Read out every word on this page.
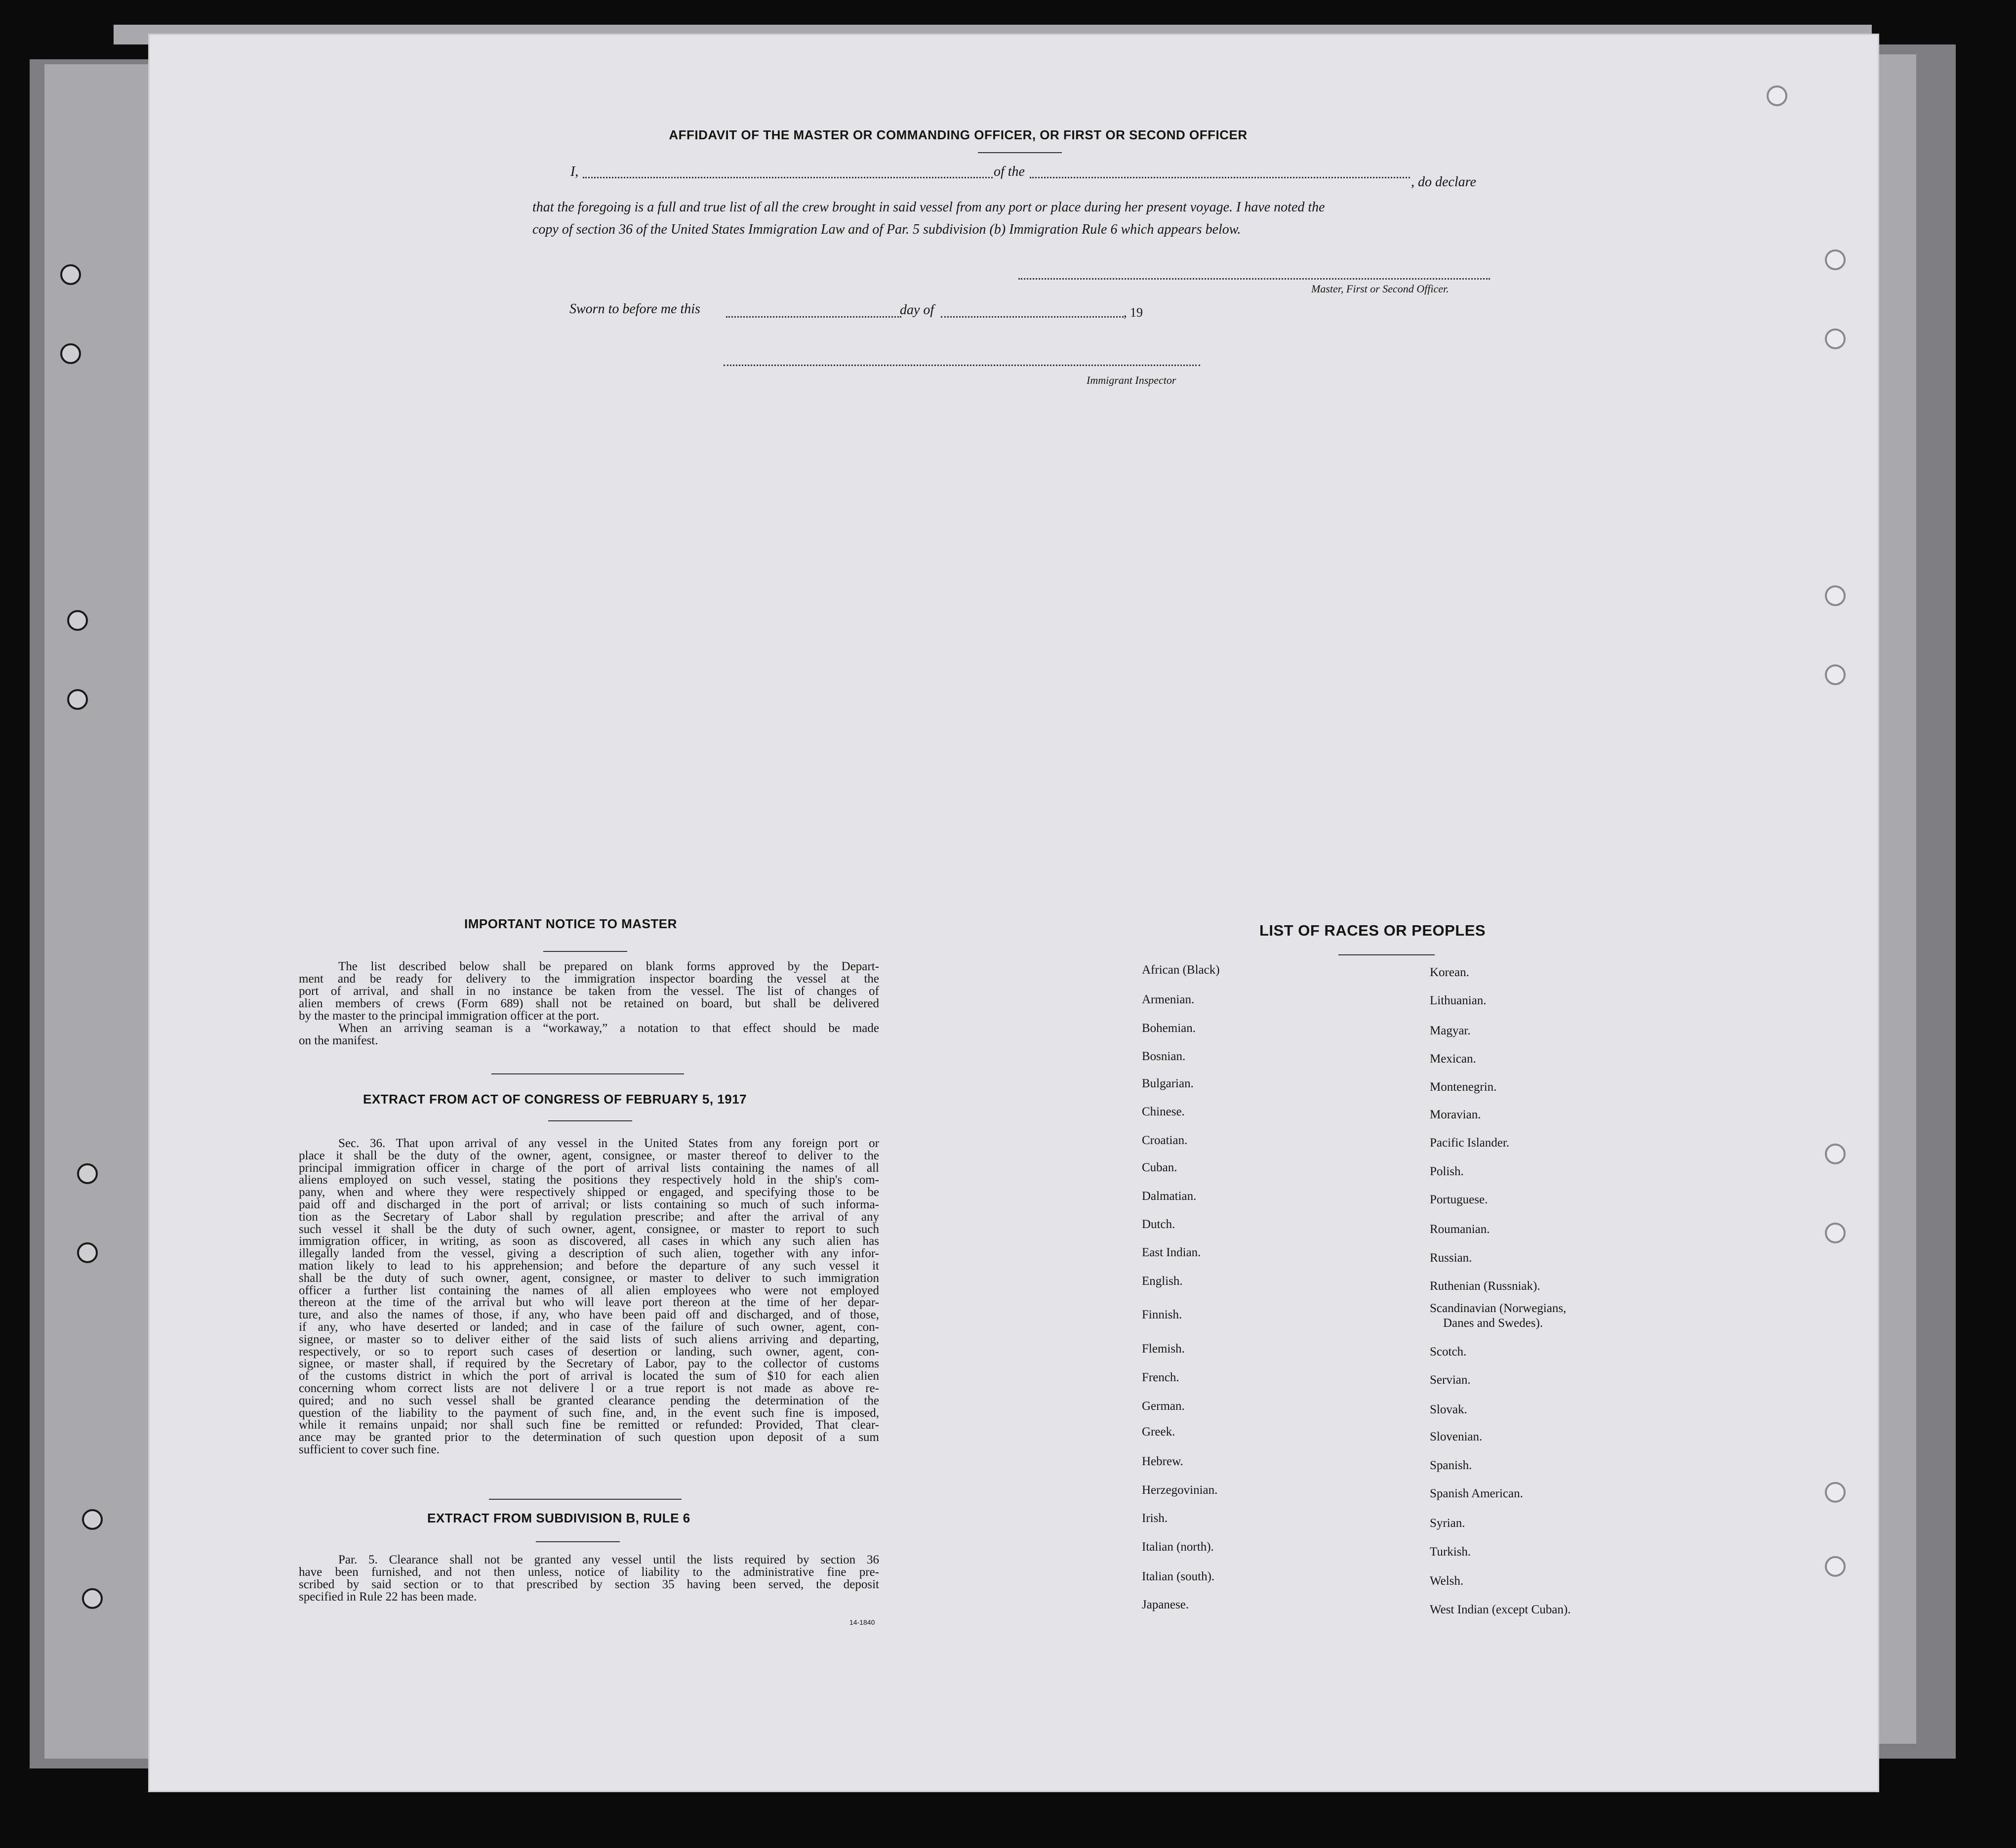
AFFIDAVIT OF THE MASTER OR COMMANDING OFFICER, OR FIRST OR SECOND OFFICER
I,	of the
, do declare
that the foregoing is a full and true list of all the crew brought in said vessel from any port or place during her present voyage. I have noted the
copy of section 36 of the United States Immigration Law and of Par. 5 subdivision (b) Immigration Rule 6 which appears below.
Master, First or Second Officer.
Sworn to before me this	day of	, 19
Immigrant Inspector
IMPORTANT NOTICE TO MASTER
The list described below shall be prepared on blank forms approved by the Depart-
ment and be ready for delivery to the immigration inspector boarding the vessel at the
port of arrival, and shall in no instance be taken from the vessel. The list of changes of
alien members of crews (Form 689) shall not be retained on board, but shall be delivered
by the master to the principal immigration officer at the port.
When an arriving seaman is a “workaway,” a notation to that effect should be made
on the manifest.
EXTRACT FROM ACT OF CONGRESS OF FEBRUARY 5, 1917
Sec. 36. That upon arrival of any vessel in the United States from any foreign port or
place it shall be the duty of the owner, agent, consignee, or master thereof to deliver to the
principal immigration officer in charge of the port of arrival lists containing the names of all
aliens employed on such vessel, stating the positions they respectively hold in the ship's com-
pany, when and where they were respectively shipped or engaged, and specifying those to be
paid off and discharged in the port of arrival; or lists containing so much of such informa-
tion as the Secretary of Labor shall by regulation prescribe; and after the arrival of any
such vessel it shall be the duty of such owner, agent, consignee, or master to report to such
immigration officer, in writing, as soon as discovered, all cases in which any such alien has
illegally landed from the vessel, giving a description of such alien, together with any infor-
mation likely to lead to his apprehension; and before the departure of any such vessel it
shall be the duty of such owner, agent, consignee, or master to deliver to such immigration
officer a further list containing the names of all alien employees who were not employed
thereon at the time of the arrival but who will leave port thereon at the time of her depar-
ture, and also the names of those, if any, who have been paid off and discharged, and of those,
if any, who have deserted or landed; and in case of the failure of such owner, agent, con-
signee, or master so to deliver either of the said lists of such aliens arriving and departing,
respectively, or so to report such cases of desertion or landing, such owner, agent, con-
signee, or master shall, if required by the Secretary of Labor, pay to the collector of customs
of the customs district in which the port of arrival is located the sum of $10 for each alien
concerning whom correct lists are not delivere l or a true report is not made as above re-
quired; and no such vessel shall be granted clearance pending the determination of the
question of the liability to the payment of such fine, and, in the event such fine is imposed,
while it remains unpaid; nor shall such fine be remitted or refunded: Provided, That clear-
ance may be granted prior to the determination of such question upon deposit of a sum
sufficient to cover such fine.
EXTRACT FROM SUBDIVISION B, RULE 6
Par. 5. Clearance shall not be granted any vessel until the lists required by section 36
have been furnished, and not then unless, notice of liability to the administrative fine pre-
scribed by said section or to that prescribed by section 35 having been served, the deposit
specified in Rule 22 has been made.
14-1840
LIST OF RACES OR PEOPLES
African (Black)
Armenian.
Bohemian.
Bosnian.
Bulgarian.
Chinese.
Croatian.
Cuban.
Dalmatian.
Dutch.
East Indian.
English.
Finnish.
Flemish.
French.
German.
Greek.
Hebrew.
Herzegovinian.
Irish.
Italian (north).
Italian (south).
Japanese.
Korean.
Lithuanian.
Magyar.
Mexican.
Montenegrin.
Moravian.
Pacific Islander.
Polish.
Portuguese.
Roumanian.
Russian.
Ruthenian (Russniak).
Scandinavian (Norwegians,
Scotch.
Servian.
Slovak.
Slovenian.
Spanish.
Spanish American.
Syrian.
Turkish.
Welsh.
West Indian (except Cuban).
Danes and Swedes).
